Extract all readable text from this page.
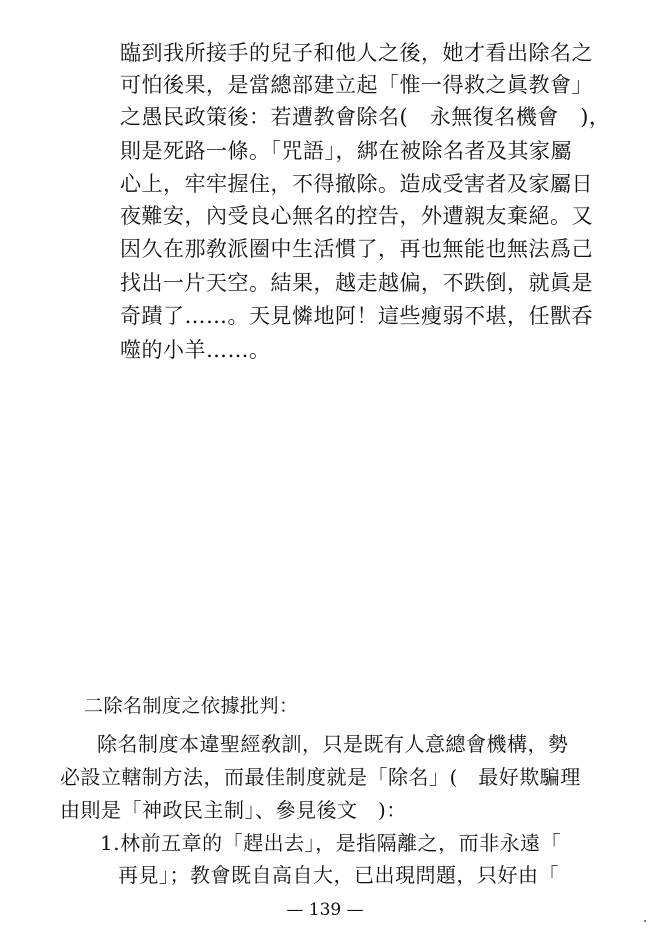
臨到我所接手的兒子和他人之後，她才看出除名之
可怕後果，是當總部建立起「惟一得救之眞教會」
之愚民政策後：若遭教會除名(　永無復名機會　)，
則是死路一條。「咒語」，綁在被除名者及其家屬
心上，牢牢握住，不得撤除。造成受害者及家屬日
夜難安，內受良心無名的控告，外遭親友棄絕。又
因久在那敎派圈中生活慣了，再也無能也無法爲己
找出一片天空。結果，越走越偏，不跌倒，就眞是
奇蹟了……。天見憐地阿！這些瘦弱不堪，任獸呑
噬的小羊……。
二除名制度之依據批判：
除名制度本違聖經敎訓，只是既有人意總會機構，勢
必設立轄制方法，而最佳制度就是「除名」(　最好欺騙理
由則是「神政民主制」、參見後文　)：
1.林前五章的「趕出去」，是指隔離之，而非永遠「
再見」；教會既自高自大，已出現問題，只好由「
— 139 —
